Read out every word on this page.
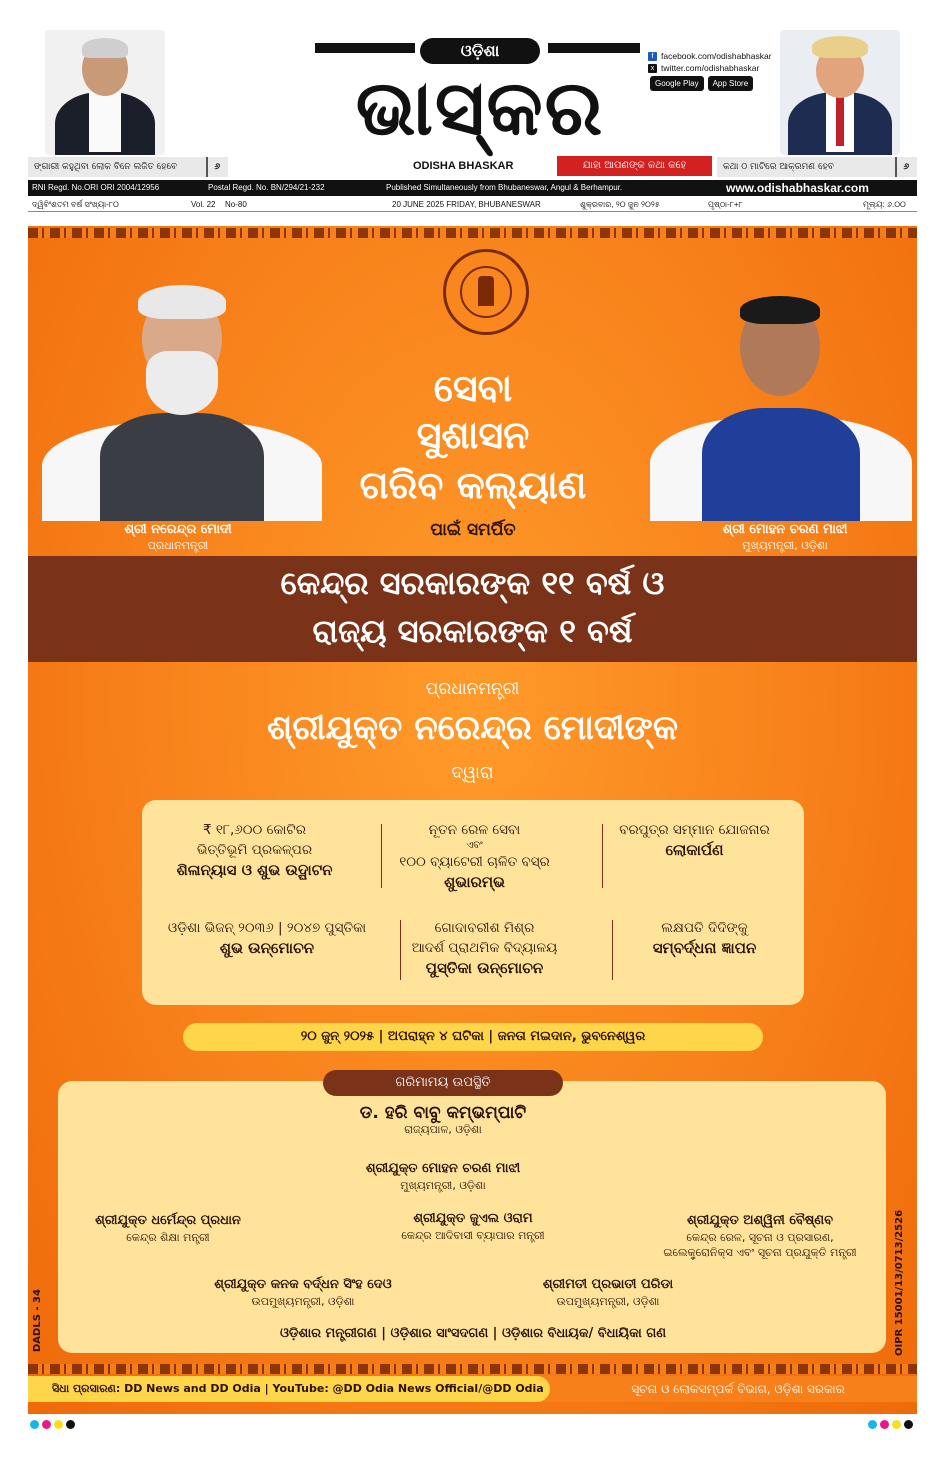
ଓଡ଼ିଶା
ଭାସ୍କର
ODISHA BHASKAR	ଯାହା ଆପଣଙ୍କ କଥା କହେ
f facebook.com/odishabhaskar
x twitter.com/odishabhaskar
Google Play	App Store
ଙ୍ଗାରୀ କହୁଥିବା ଲୋକ ବିନେ ଲଜିତ ହେବେ	୬	କଥା ଠ ମାଟିରେ ଆକ୍ରମଣ ହେବ	୬
RNI Regd. No.ORI ORI 2004/12956	Postal Regd. No. BN/294/21-232	Published Simultaneously from Bhubaneswar, Angul & Berhampur.	www.odishabhaskar.com
ଦ୍ୱିବିଂଶତମ ବର୍ଷ ସଂଖ୍ୟା-୮୦	Vol. 22 No-80	20 JUNE 2025 FRIDAY, BHUBANESWAR	ଶୁକ୍ରବାର, ୨୦ ଜୁନ ୨୦୨୫	ପୃଷ୍ଠା-୮+୮	ମୂଲ୍ୟ: ୬.୦୦
ଶ୍ରୀ ନରେନ୍ଦ୍ର ମୋଦୀ
ପ୍ରଧାନମନ୍ତ୍ରୀ
ଶ୍ରୀ ମୋହନ ଚରଣ ମାଝୀ
ମୁଖ୍ୟମନ୍ତ୍ରୀ, ଓଡ଼ିଶା
ସେବା
ସୁଶାସନ
ଗରିବ କଲ୍ୟାଣ
ପାଇଁ ସମର୍ପିତ
କେନ୍ଦ୍ର ସରକାରଙ୍କ ୧୧ ବର୍ଷ ଓ
ରାଜ୍ୟ ସରକାରଙ୍କ ୧ ବର୍ଷ
ପ୍ରଧାନମନ୍ତ୍ରୀ
ଶ୍ରୀଯୁକ୍ତ ନରେନ୍ଦ୍ର ମୋଦୀଙ୍କ
ଦ୍ୱାରା
₹ ୧୮,୬୦୦ କୋଟିର
ଭିତ୍ତିଭୂମି ପ୍ରକଳ୍ପର
ଶିଳାନ୍ୟାସ ଓ ଶୁଭ ଉଦ୍ଘାଟନ
ନୂତନ ରେଳ ସେବା
ଏବଂ
୧୦୦ ବ୍ୟାଟେରୀ ଚାଳିତ ବସ୍‌ର
ଶୁଭାରମ୍ଭ
ବରପୁତ୍ର ସମ୍ମାନ ଯୋଜନାର
ଲୋକାର୍ପଣ
ଓଡ଼ିଶା ଭିଜନ୍ ୨୦୩୬ | ୨୦୪୭ ପୁସ୍ତିକା
ଶୁଭ ଉନ୍ମୋଚନ
ଗୋଦାବରୀଶ ମିଶ୍ର
ଆଦର୍ଶ ପ୍ରାଥମିକ ବିଦ୍ୟାଳୟ
ପୁସ୍ତିକା ଉନ୍ମୋଚନ
ଲକ୍ଷପତି ଦିଦିଙ୍କୁ
ସମ୍ବର୍ଦ୍ଧନା ଜ୍ଞାପନ
୨୦ ଜୁନ୍ ୨୦୨୫ | ଅପରାହ୍ନ ୪ ଘଟିକା | ଜନତା ମଇଦାନ, ଭୁବନେଶ୍ୱର
ଗରିମାମୟ ଉପସ୍ଥିତି
ଡ. ହରି ବାବୁ କମ୍ଭମ୍ପାଟି
ରାଜ୍ୟପାଳ, ଓଡ଼ିଶା
ଶ୍ରୀଯୁକ୍ତ ମୋହନ ଚରଣ ମାଝୀ
ମୁଖ୍ୟମନ୍ତ୍ରୀ, ଓଡ଼ିଶା
ଶ୍ରୀଯୁକ୍ତ ଧର୍ମେନ୍ଦ୍ର ପ୍ରଧାନ
କେନ୍ଦ୍ର ଶିକ୍ଷା ମନ୍ତ୍ରୀ
ଶ୍ରୀଯୁକ୍ତ ଜୁଏଲ ଓରାମ
କେନ୍ଦ୍ର ଆଦିବାସୀ ବ୍ୟାପାର ମନ୍ତ୍ରୀ
ଶ୍ରୀଯୁକ୍ତ ଅଶ୍ୱିନୀ ବୈଷ୍ଣବ
କେନ୍ଦ୍ର ରେଳ, ସୂଚନା ଓ ପ୍ରସାରଣ,
ଇଲେକ୍ଟ୍ରୋନିକ୍ସ ଏବଂ ସୂଚନା ପ୍ରଯୁକ୍ତି ମନ୍ତ୍ରୀ
ଶ୍ରୀଯୁକ୍ତ କନକ ବର୍ଦ୍ଧନ ସିଂହ ଦେଓ
ଉପମୁଖ୍ୟମନ୍ତ୍ରୀ, ଓଡ଼ିଶା
ଶ୍ରୀମତୀ ପ୍ରଭାତୀ ପରିଡା
ଉପମୁଖ୍ୟମନ୍ତ୍ରୀ, ଓଡ଼ିଶା
ଓଡ଼ିଶାର ମନ୍ତ୍ରୀଗଣ | ଓଡ଼ିଶାର ସାଂସଦଗଣ | ଓଡ଼ିଶାର ବିଧାୟକ/ ବିଧାୟିକା ଗଣ
DADLS - 34	OIPR 15001/13/0713/2526
ସିଧା ପ୍ରସାରଣ: DD News and DD Odia | YouTube: @DD Odia News Official/@DD Odia	ସୂଚନା ଓ ଲୋକସମ୍ପର୍କ ବିଭାଗ, ଓଡ଼ିଶା ସରକାର
